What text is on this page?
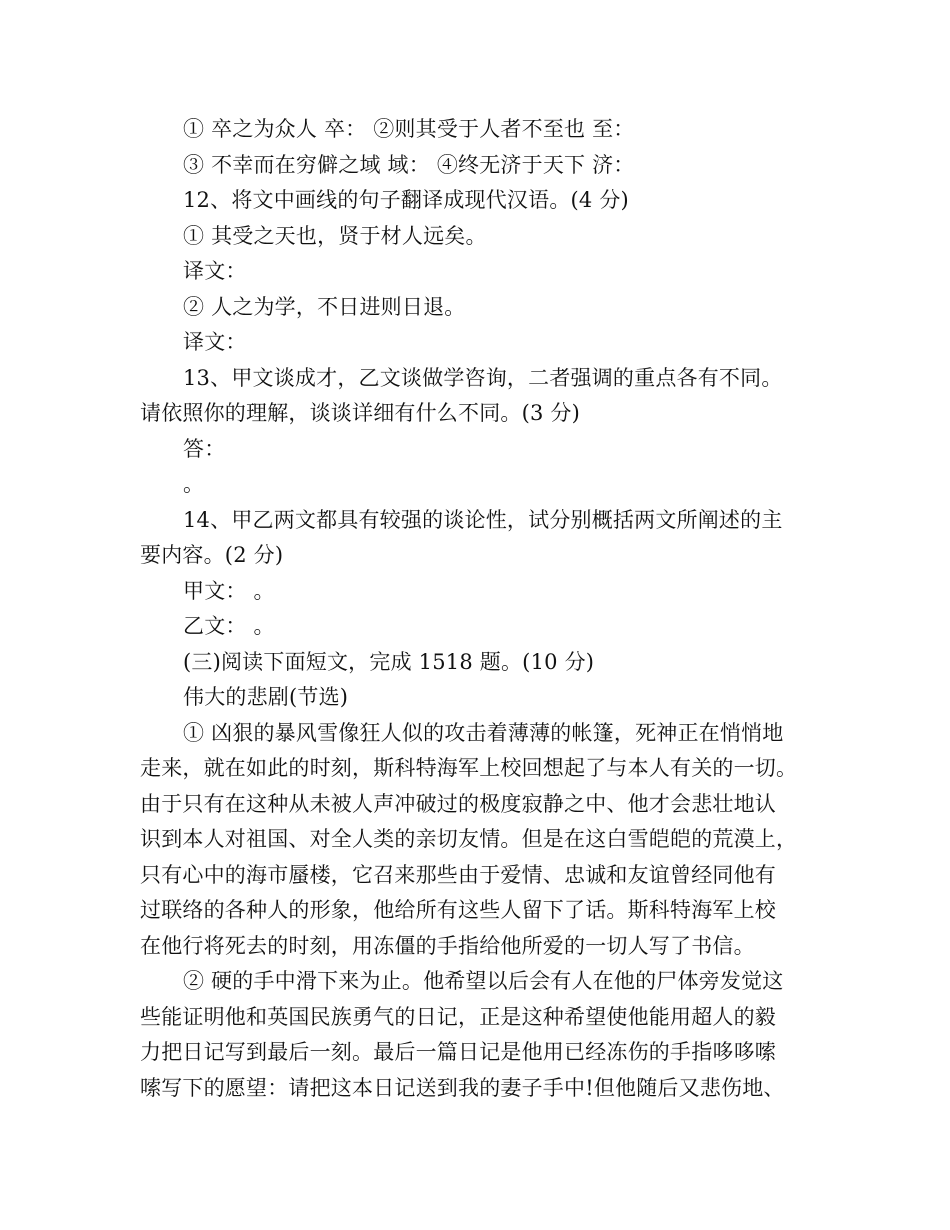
① 卒之为众人 卒： ②则其受于人者不至也 至：
③ 不幸而在穷僻之域 域： ④终无济于天下 济：
12、将文中画线的句子翻译成现代汉语。(4 分)
① 其受之天也，贤于材人远矣。
译文：
② 人之为学，不日进则日退。
译文：
13、甲文谈成才，乙文谈做学咨询，二者强调的重点各有不同。
请依照你的理解，谈谈详细有什么不同。(3 分)
答：
。
14、甲乙两文都具有较强的谈论性，试分别概括两文所阐述的主
要内容。(2 分)
甲文： 。
乙文： 。
(三)阅读下面短文，完成 1518 题。(10 分)
伟大的悲剧(节选)
① 凶狠的暴风雪像狂人似的攻击着薄薄的帐篷，死神正在悄悄地
走来，就在如此的时刻，斯科特海军上校回想起了与本人有关的一切。
由于只有在这种从未被人声冲破过的极度寂静之中、他才会悲壮地认
识到本人对祖国、对全人类的亲切友情。但是在这白雪皑皑的荒漠上，
只有心中的海市蜃楼，它召来那些由于爱情、忠诚和友谊曾经同他有
过联络的各种人的形象，他给所有这些人留下了话。斯科特海军上校
在他行将死去的时刻，用冻僵的手指给他所爱的一切人写了书信。
② 硬的手中滑下来为止。他希望以后会有人在他的尸体旁发觉这
些能证明他和英国民族勇气的日记，正是这种希望使他能用超人的毅
力把日记写到最后一刻。最后一篇日记是他用已经冻伤的手指哆哆嗦
嗦写下的愿望：请把这本日记送到我的妻子手中!但他随后又悲伤地、
